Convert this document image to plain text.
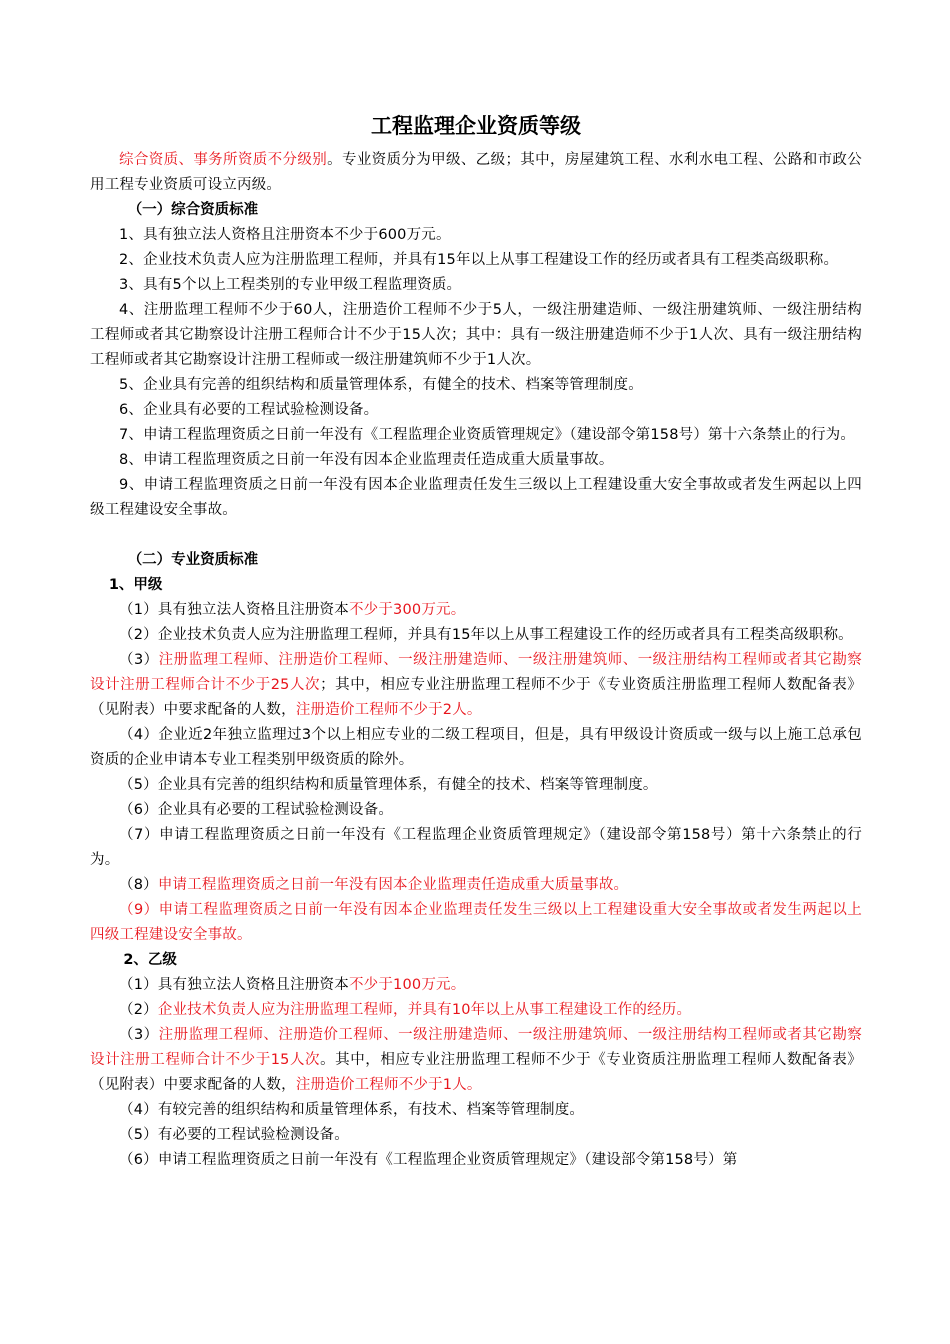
工程监理企业资质等级

综合资质、事务所资质不分级别。专业资质分为甲级、乙级；其中，房屋建筑工程、水利水电工程、公路和市政公用工程专业资质可设立丙级。

（一）综合资质标准

1、具有独立法人资格且注册资本不少于600万元。

2、企业技术负责人应为注册监理工程师，并具有15年以上从事工程建设工作的经历或者具有工程类高级职称。

3、具有5个以上工程类别的专业甲级工程监理资质。

4、注册监理工程师不少于60人，注册造价工程师不少于5人，一级注册建造师、一级注册建筑师、一级注册结构工程师或者其它勘察设计注册工程师合计不少于15人次；其中：具有一级注册建造师不少于1人次、具有一级注册结构工程师或者其它勘察设计注册工程师或一级注册建筑师不少于1人次。

5、企业具有完善的组织结构和质量管理体系，有健全的技术、档案等管理制度。

6、企业具有必要的工程试验检测设备。

7、申请工程监理资质之日前一年没有《工程监理企业资质管理规定》（建设部令第158号）第十六条禁止的行为。

8、申请工程监理资质之日前一年没有因本企业监理责任造成重大质量事故。

9、申请工程监理资质之日前一年没有因本企业监理责任发生三级以上工程建设重大安全事故或者发生两起以上四级工程建设安全事故。

（二）专业资质标准

1、甲级

（1）具有独立法人资格且注册资本不少于300万元。

（2）企业技术负责人应为注册监理工程师，并具有15年以上从事工程建设工作的经历或者具有工程类高级职称。

（3）注册监理工程师、注册造价工程师、一级注册建造师、一级注册建筑师、一级注册结构工程师或者其它勘察设计注册工程师合计不少于25人次；其中，相应专业注册监理工程师不少于《专业资质注册监理工程师人数配备表》（见附表）中要求配备的人数，注册造价工程师不少于2人。

（4）企业近2年独立监理过3个以上相应专业的二级工程项目，但是，具有甲级设计资质或一级与以上施工总承包资质的企业申请本专业工程类别甲级资质的除外。

（5）企业具有完善的组织结构和质量管理体系，有健全的技术、档案等管理制度。

（6）企业具有必要的工程试验检测设备。

（7）申请工程监理资质之日前一年没有《工程监理企业资质管理规定》（建设部令第158号）第十六条禁止的行为。

（8）申请工程监理资质之日前一年没有因本企业监理责任造成重大质量事故。

（9）申请工程监理资质之日前一年没有因本企业监理责任发生三级以上工程建设重大安全事故或者发生两起以上四级工程建设安全事故。

2、乙级

（1）具有独立法人资格且注册资本不少于100万元。

（2）企业技术负责人应为注册监理工程师，并具有10年以上从事工程建设工作的经历。

（3）注册监理工程师、注册造价工程师、一级注册建造师、一级注册建筑师、一级注册结构工程师或者其它勘察设计注册工程师合计不少于15人次。其中，相应专业注册监理工程师不少于《专业资质注册监理工程师人数配备表》（见附表）中要求配备的人数，注册造价工程师不少于1人。

（4）有较完善的组织结构和质量管理体系，有技术、档案等管理制度。

（5）有必要的工程试验检测设备。

（6）申请工程监理资质之日前一年没有《工程监理企业资质管理规定》（建设部令第158号）第
